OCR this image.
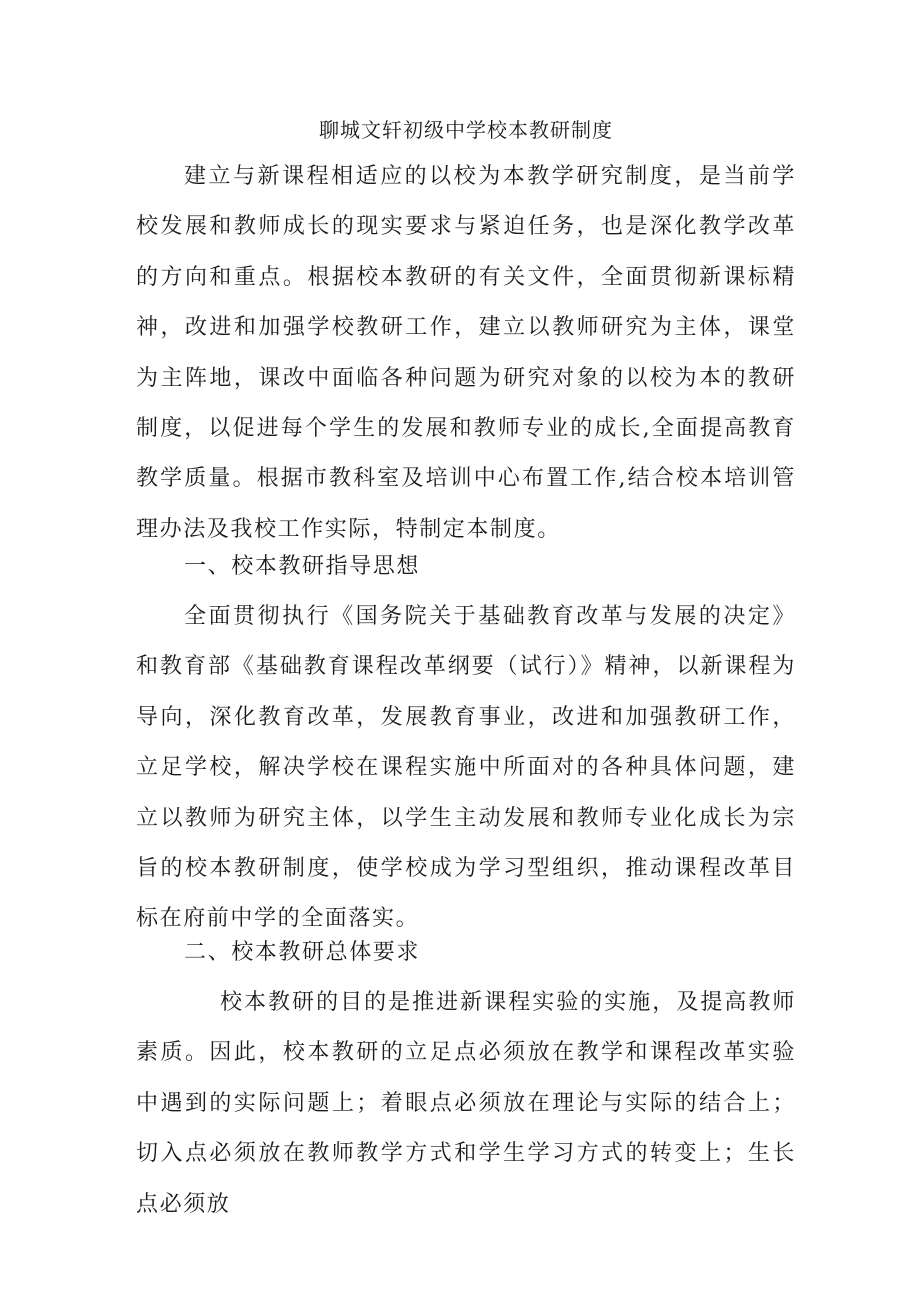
聊城文轩初级中学校本教研制度

建立与新课程相适应的以校为本教学研究制度，是当前学校发展和教师成长的现实要求与紧迫任务，也是深化教学改革的方向和重点。根据校本教研的有关文件，全面贯彻新课标精神，改进和加强学校教研工作，建立以教师研究为主体，课堂为主阵地，课改中面临各种问题为研究对象的以校为本的教研制度，以促进每个学生的发展和教师专业的成长,全面提高教育教学质量。根据市教科室及培训中心布置工作,结合校本培训管理办法及我校工作实际，特制定本制度。

一、校本教研指导思想

全面贯彻执行《国务院关于基础教育改革与发展的决定》和教育部《基础教育课程改革纲要（试行）》精神，以新课程为导向，深化教育改革，发展教育事业，改进和加强教研工作，立足学校，解决学校在课程实施中所面对的各种具体问题，建立以教师为研究主体，以学生主动发展和教师专业化成长为宗旨的校本教研制度，使学校成为学习型组织，推动课程改革目标在府前中学的全面落实。

二、校本教研总体要求

校本教研的目的是推进新课程实验的实施，及提高教师素质。因此，校本教研的立足点必须放在教学和课程改革实验中遇到的实际问题上；着眼点必须放在理论与实际的结合上；切入点必须放在教师教学方式和学生学习方式的转变上；生长点必须放
